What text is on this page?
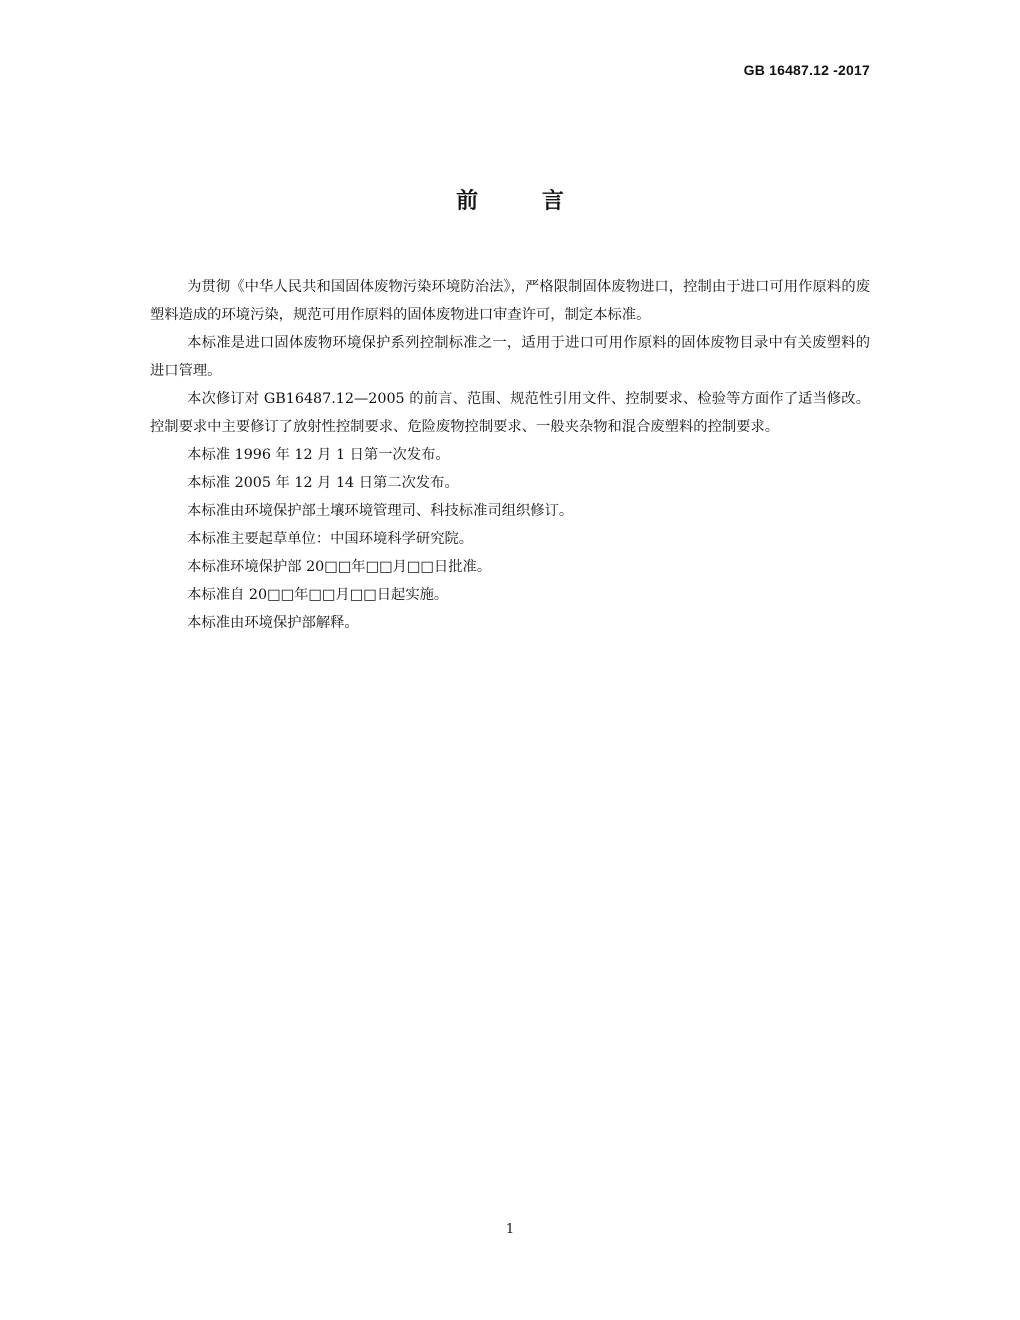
GB 16487.12 -2017
前 言

为贯彻《中华人民共和国固体废物污染环境防治法》，严格限制固体废物进口，控制由于进口可用作原料的废塑料造成的环境污染，规范可用作原料的固体废物进口审查许可，制定本标准。

本标准是进口固体废物环境保护系列控制标准之一，适用于进口可用作原料的固体废物目录中有关废塑料的进口管理。

本次修订对 GB16487.12—2005 的前言、范围、规范性引用文件、控制要求、检验等方面作了适当修改。控制要求中主要修订了放射性控制要求、危险废物控制要求、一般夹杂物和混合废塑料的控制要求。

本标准 1996 年 12 月 1 日第一次发布。

本标准 2005 年 12 月 14 日第二次发布。

本标准由环境保护部土壤环境管理司、科技标准司组织修订。

本标准主要起草单位：中国环境科学研究院。

本标准环境保护部 20□□年□□月□□日批准。

本标准自 20□□年□□月□□日起实施。

本标准由环境保护部解释。

1
